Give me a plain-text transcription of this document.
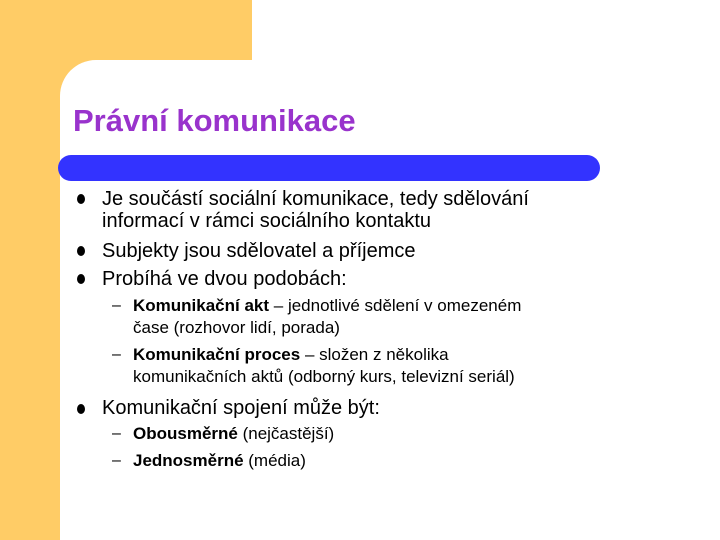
Právní komunikace
Je součástí sociální komunikace, tedy sdělování
informací v rámci sociálního kontaktu
Subjekty jsou sdělovatel a příjemce
Probíhá ve dvou podobách:
– Komunikační akt – jednotlivé sdělení v omezeném
čase (rozhovor lidí, porada)
– Komunikační proces – složen z několika
komunikačních aktů (odborný kurs, televizní seriál)
Komunikační spojení může být:
– Obousměrné (nejčastější)
– Jednosměrné (média)
